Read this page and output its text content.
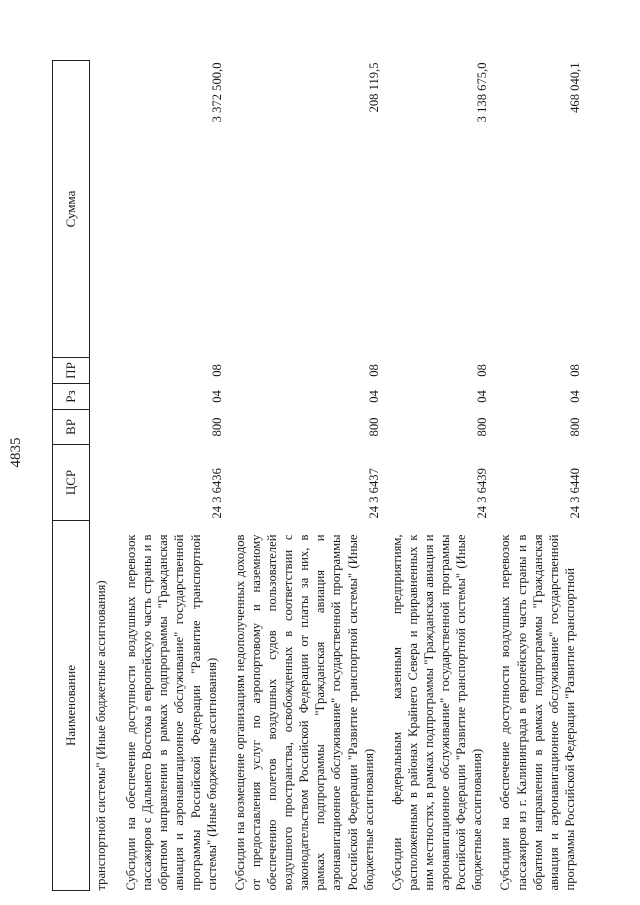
4835
Наименование	ЦСР	ВР	Рз	ПР	Сумма
транспортной системы" (Иные бюджетные ассигнования)					
Субсидии на обеспечение доступности воздушных перевозок пассажиров с Дальнего Востока в европейскую часть страны и в обратном направлении в рамках подпрограммы "Гражданская авиация и аэронавигационное обслуживание" государственной программы Российской Федерации "Развитие транспортной системы" (Иные бюджетные ассигнования)	24 3 6436	800	04	08	3 372 500,0
Субсидии на возмещение организациям недополученных доходов от предоставления услуг по аэропортовому и наземному обеспечению полетов воздушных судов пользователей воздушного пространства, освобожденных в соответствии с законодательством Российской Федерации от платы за них, в рамках подпрограммы "Гражданская авиация и аэронавигационное обслуживание" государственной программы Российской Федерации "Развитие транспортной системы" (Иные бюджетные ассигнования)	24 3 6437	800	04	08	208 119,5
Субсидии федеральным казенным предприятиям, расположенным в районах Крайнего Севера и приравненных к ним местностях, в рамках подпрограммы "Гражданская авиация и аэронавигационное обслуживание" государственной программы Российской Федерации "Развитие транспортной системы" (Иные бюджетные ассигнования)	24 3 6439	800	04	08	3 138 675,0
Субсидии на обеспечение доступности воздушных перевозок пассажиров из г. Калининграда в европейскую часть страны и в обратном направлении в рамках подпрограммы "Гражданская авиация и аэронавигационное обслуживание" государственной программы Российской Федерации "Развитие транспортной	24 3 6440	800	04	08	468 040,1
